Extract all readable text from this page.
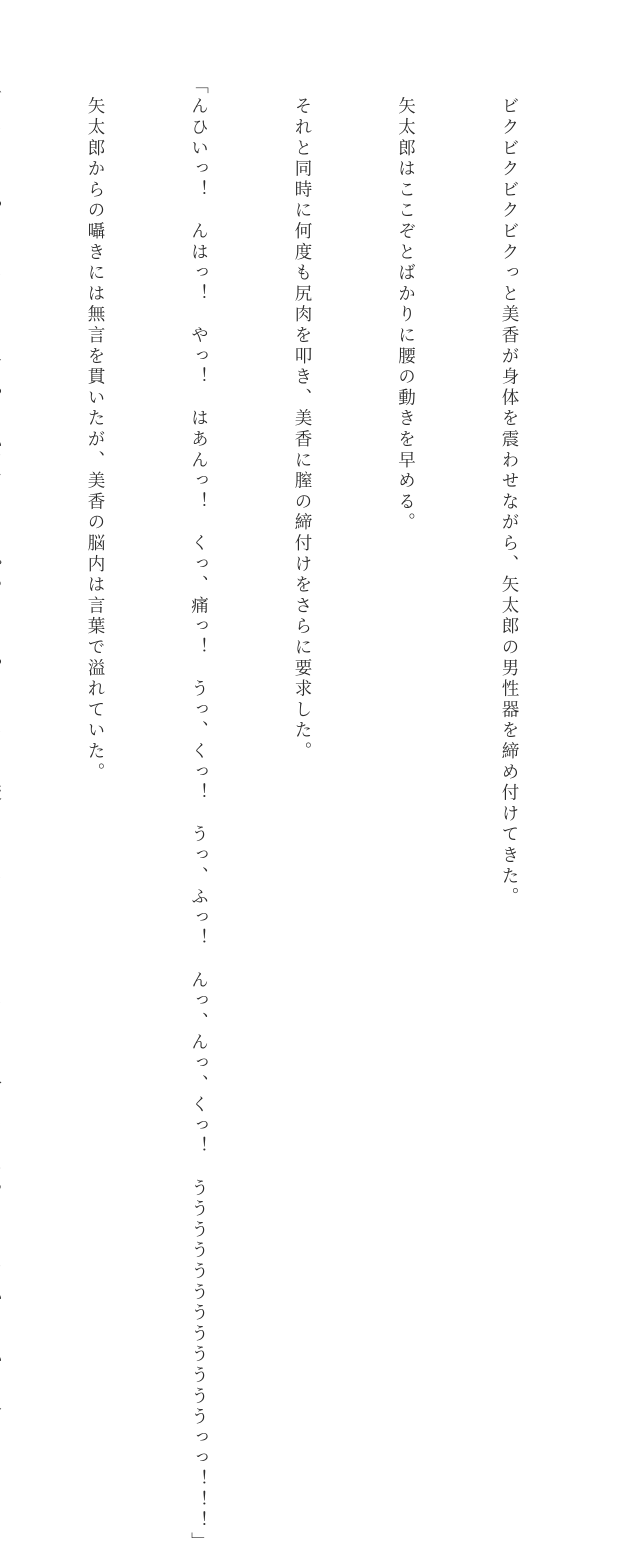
　ビクビクビクビクっと美香が身体を震わせながら、矢太郎の男性器を締め付けてきた。

　矢太郎はここぞとばかりに腰の動きを早める。

　それと同時に何度も尻肉を叩き、美香に膣の締付けをさらに要求した。

「んひいっ！　んはっ！　やっ！　はあんっ！　くっ、痛っ！　うっ、くっ！　うっ、ふっ！　んっ、んっ、くっ！　ううううううううううううっっ！！！」

　矢太郎からの囁きには無言を貫いたが、美香の脳内は言葉で溢れていた。
